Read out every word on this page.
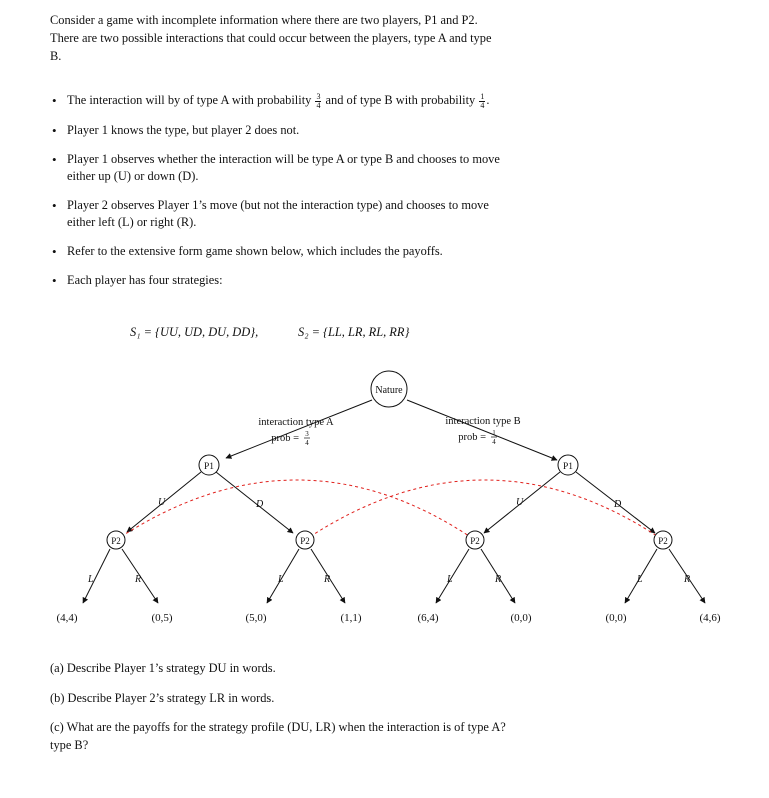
Consider a game with incomplete information where there are two players, P1 and P2. There are two possible interactions that could occur between the players, type A and type B.
• The interaction will by of type A with probability $\frac{3}{4}$ and of type B with probability $\frac{1}{4}$ .
• Player 1 knows the type, but player 2 does not.
• Player 1 observes whether the interaction will be type A or type B and chooses to move either up (U) or down (D).
• Player 2 observes Player 1’s move (but not the interaction type) and chooses to move either left (L) or right (R).
• Refer to the extensive form game shown below, which includes the payoffs.
• Each player has four strategies:
S₁ = {UU, UD, DU, DD},	S₂ = {LL, LR, RL, RR}
Nature
interaction type A
prob = 3
4
interaction type B
prob = 1
4
P1	P1
U	D	U	D
P2	P2	P2	P2
L	R	L	R	L	R	L	R
(4,4)	(0,5)	(5,0)	(1,1)	(6,4)	(0,0)	(0,0)	(4,6)
(a) Describe Player 1’s strategy DU in words.
(b) Describe Player 2’s strategy LR in words.
(c) What are the payoffs for the strategy profile (DU, LR) when the interaction is of type A? type B?
